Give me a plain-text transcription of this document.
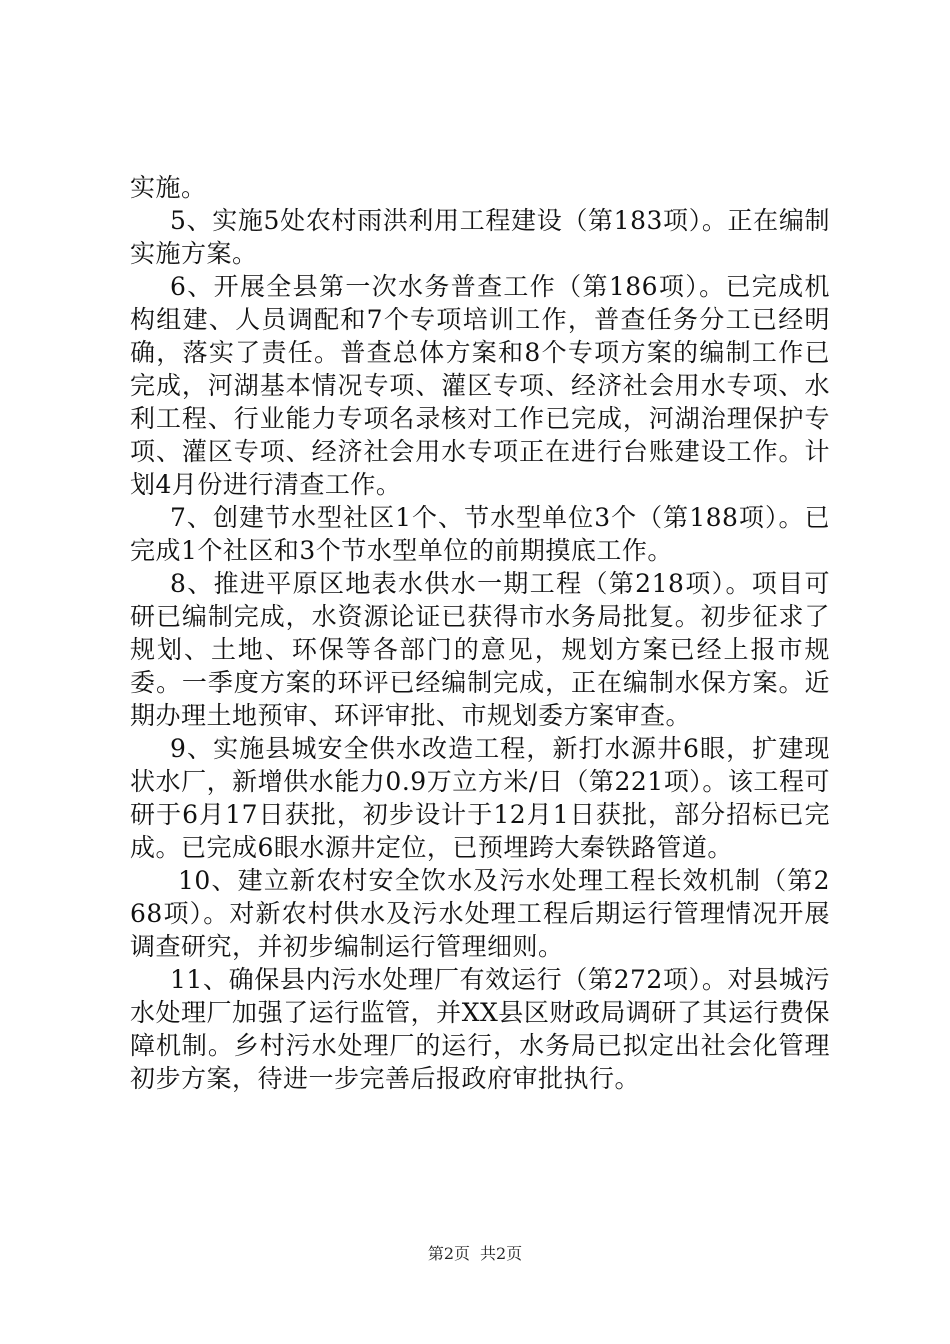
实施。

5、实施5处农村雨洪利用工程建设（第183项）。正在编制实施方案。

6、开展全县第一次水务普查工作（第186项）。已完成机构组建、人员调配和7个专项培训工作，普查任务分工已经明确，落实了责任。普查总体方案和8个专项方案的编制工作已完成，河湖基本情况专项、灌区专项、经济社会用水专项、水利工程、行业能力专项名录核对工作已完成，河湖治理保护专项、灌区专项、经济社会用水专项正在进行台账建设工作。计划4月份进行清查工作。

7、创建节水型社区1个、节水型单位3个（第188项）。已完成1个社区和3个节水型单位的前期摸底工作。

8、推进平原区地表水供水一期工程（第218项）。项目可研已编制完成，水资源论证已获得市水务局批复。初步征求了规划、土地、环保等各部门的意见，规划方案已经上报市规委。一季度方案的环评已经编制完成，正在编制水保方案。近期办理土地预审、环评审批、市规划委方案审查。

9、实施县城安全供水改造工程，新打水源井6眼，扩建现状水厂，新增供水能力0.9万立方米/日（第221项）。该工程可研于6月17日获批，初步设计于12月1日获批，部分招标已完成。已完成6眼水源井定位，已预埋跨大秦铁路管道。

10、建立新农村安全饮水及污水处理工程长效机制（第268项）。对新农村供水及污水处理工程后期运行管理情况开展调查研究，并初步编制运行管理细则。

11、确保县内污水处理厂有效运行（第272项）。对县城污水处理厂加强了运行监管，并XX县区财政局调研了其运行费保障机制。乡村污水处理厂的运行，水务局已拟定出社会化管理初步方案，待进一步完善后报政府审批执行。

第2页 共2页
